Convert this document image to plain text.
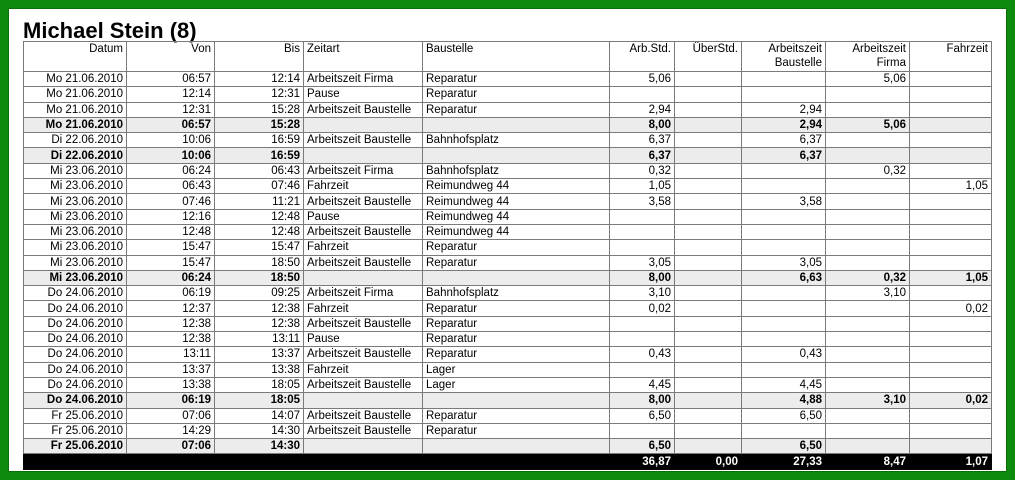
Michael Stein (8)
Datum	Von	Bis	Zeitart	Baustelle	Arb.Std.	ÜberStd.	Arbeitszeit Baustelle	Arbeitszeit Firma	Fahrzeit
Mo 21.06.2010	06:57	12:14	Arbeitszeit Firma	Reparatur	5,06			5,06	
Mo 21.06.2010	12:14	12:31	Pause	Reparatur					
Mo 21.06.2010	12:31	15:28	Arbeitszeit Baustelle	Reparatur	2,94		2,94		
Mo 21.06.2010	06:57	15:28			8,00		2,94	5,06	
Di 22.06.2010	10:06	16:59	Arbeitszeit Baustelle	Bahnhofsplatz	6,37		6,37		
Di 22.06.2010	10:06	16:59			6,37		6,37		
Mi 23.06.2010	06:24	06:43	Arbeitszeit Firma	Bahnhofsplatz	0,32			0,32	
Mi 23.06.2010	06:43	07:46	Fahrzeit	Reimundweg 44	1,05				1,05
Mi 23.06.2010	07:46	11:21	Arbeitszeit Baustelle	Reimundweg 44	3,58		3,58		
Mi 23.06.2010	12:16	12:48	Pause	Reimundweg 44					
Mi 23.06.2010	12:48	12:48	Arbeitszeit Baustelle	Reimundweg 44					
Mi 23.06.2010	15:47	15:47	Fahrzeit	Reparatur					
Mi 23.06.2010	15:47	18:50	Arbeitszeit Baustelle	Reparatur	3,05		3,05		
Mi 23.06.2010	06:24	18:50			8,00		6,63	0,32	1,05
Do 24.06.2010	06:19	09:25	Arbeitszeit Firma	Bahnhofsplatz	3,10			3,10	
Do 24.06.2010	12:37	12:38	Fahrzeit	Reparatur	0,02				0,02
Do 24.06.2010	12:38	12:38	Arbeitszeit Baustelle	Reparatur					
Do 24.06.2010	12:38	13:11	Pause	Reparatur					
Do 24.06.2010	13:11	13:37	Arbeitszeit Baustelle	Reparatur	0,43		0,43		
Do 24.06.2010	13:37	13:38	Fahrzeit	Lager					
Do 24.06.2010	13:38	18:05	Arbeitszeit Baustelle	Lager	4,45		4,45		
Do 24.06.2010	06:19	18:05			8,00		4,88	3,10	0,02
Fr 25.06.2010	07:06	14:07	Arbeitszeit Baustelle	Reparatur	6,50		6,50		
Fr 25.06.2010	14:29	14:30	Arbeitszeit Baustelle	Reparatur					
Fr 25.06.2010	07:06	14:30			6,50		6,50		
					36,87	0,00	27,33	8,47	1,07
